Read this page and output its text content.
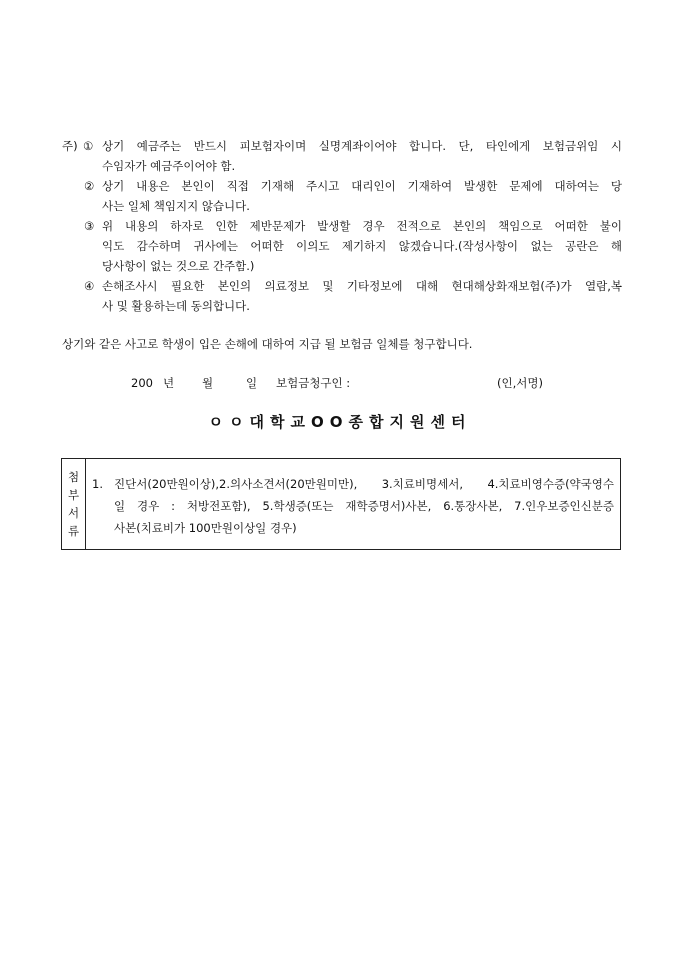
주) ① 상기 예금주는 반드시 피보험자이며 실명계좌이어야 합니다. 단, 타인에게 보험금위임 시
수임자가 예금주이어야 함.
② 상기 내용은 본인이 직접 기재해 주시고 대리인이 기재하여 발생한 문제에 대하여는 당
사는 일체 책임지지 않습니다.
③ 위 내용의 하자로 인한 제반문제가 발생할 경우 전적으로 본인의 책임으로 어떠한 불이
익도 감수하며 귀사에는 어떠한 이의도 제기하지 않겠습니다.(작성사항이 없는 공란은 해
당사항이 없는 것으로 간주함.)
④ 손해조사시 필요한 본인의 의료정보 및 기타정보에 대해 현대해상화재보험(주)가 열람,복
사 및 활용하는데 동의합니다.
상기와 같은 사고로 학생이 입은 손해에 대하여 지급 될 보험금 일체를 청구합니다.
200 년 월	일 보험금청구인 :	(인,서명)
ㅇㅇ대학교OO종합지원센터
첨
부
서
류
1. 진단서(20만원이상),2.의사소견서(20만원미만), 3.치료비명세서, 4.치료비영수증(약국영수
일 경우 : 처방전포함), 5.학생증(또는 재학증명서)사본, 6.통장사본, 7.인우보증인신분증
사본(치료비가 100만원이상일 경우)
